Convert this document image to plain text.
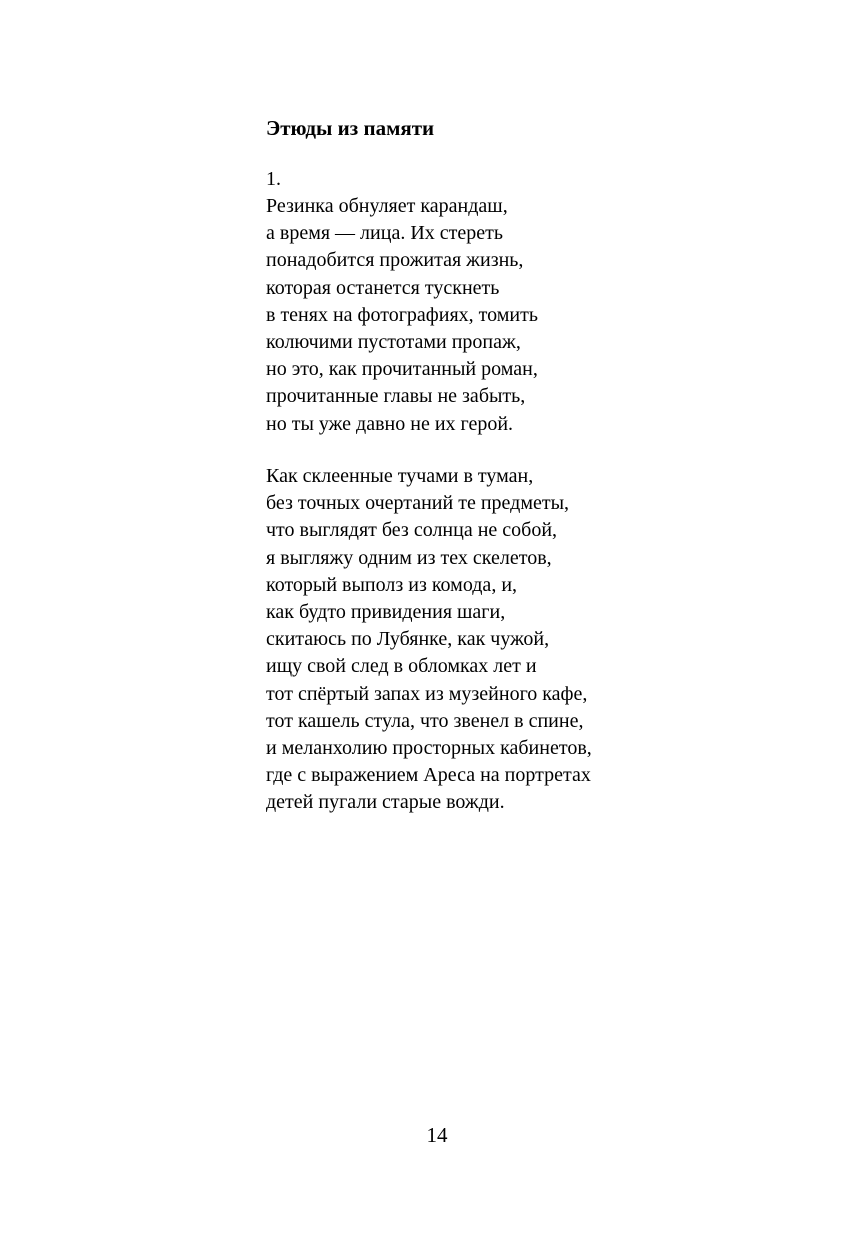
Этюды из памяти
1.
Резинка обнуляет карандаш,
а время — лица. Их стереть
понадобится прожитая жизнь,
которая останется тускнеть
в тенях на фотографиях, томить
колючими пустотами пропаж,
но это, как прочитанный роман,
прочитанные главы не забыть,
но ты уже давно не их герой.
Как склеенные тучами в туман,
без точных очертаний те предметы,
что выглядят без солнца не собой,
я выгляжу одним из тех скелетов,
который выполз из комода, и,
как будто привидения шаги,
скитаюсь по Лубянке, как чужой,
ищу свой след в обломках лет и
тот спёртый запах из музейного кафе,
тот кашель стула, что звенел в спине,
и меланхолию просторных кабинетов,
где с выражением Ареса на портретах
детей пугали старые вожди.
14
